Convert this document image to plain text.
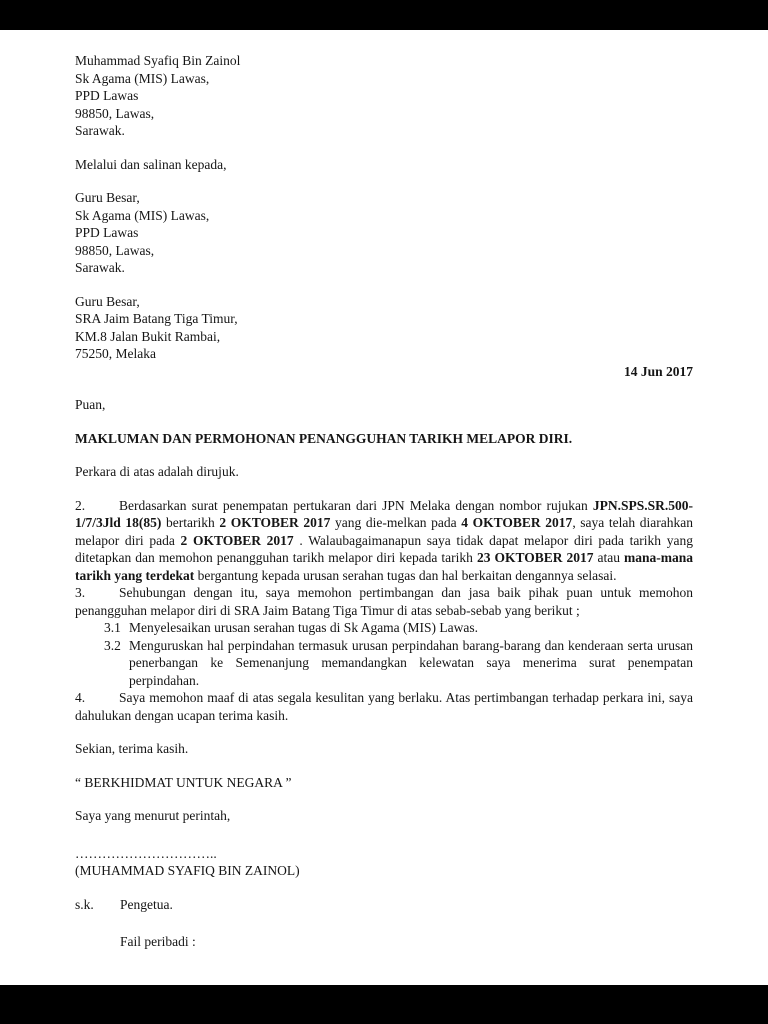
Muhammad Syafiq Bin Zainol
Sk Agama (MIS) Lawas,
PPD Lawas
98850, Lawas,
Sarawak.

Melalui dan salinan kepada,

Guru Besar,
Sk Agama (MIS) Lawas,
PPD Lawas
98850, Lawas,
Sarawak.
Guru Besar,
SRA Jaim Batang Tiga Timur,
KM.8 Jalan Bukit Rambai,
75250, Melaka

14 Jun 2017

Puan,

MAKLUMAN DAN PERMOHONAN PENANGGUHAN TARIKH MELAPOR DIRI.

Perkara di atas adalah dirujuk.

2.	Berdasarkan surat penempatan pertukaran dari JPN Melaka dengan nombor rujukan JPN.SPS.SR.500-1/7/3Jld 18(85) bertarikh 2 OKTOBER 2017 yang die-melkan pada 4 OKTOBER 2017, saya telah diarahkan melapor diri pada 2 OKTOBER 2017 . Walaubagaimanapun saya tidak dapat melapor diri pada tarikh yang ditetapkan dan memohon penangguhan tarikh melapor diri kepada tarikh 23 OKTOBER 2017 atau mana-mana tarikh yang terdekat bergantung kepada urusan serahan tugas dan hal berkaitan dengannya selasai.

3.	Sehubungan dengan itu, saya memohon pertimbangan dan jasa baik pihak puan untuk memohon penangguhan melapor diri di SRA Jaim Batang Tiga Timur di atas sebab-sebab yang berikut ;

3.1 Menyelesaikan urusan serahan tugas di Sk Agama (MIS) Lawas.
3.2 Menguruskan hal perpindahan termasuk urusan perpindahan barang-barang dan kenderaan serta urusan penerbangan ke Semenanjung memandangkan kelewatan saya menerima surat penempatan perpindahan.

4.	Saya memohon maaf di atas segala kesulitan yang berlaku. Atas pertimbangan terhadap perkara ini, saya dahulukan dengan ucapan terima kasih.

Sekian, terima kasih.

“ BERKHIDMAT UNTUK NEGARA ”

Saya yang menurut perintah,

…………………………..

(MUHAMMAD SYAFIQ BIN ZAINOL)

s.k.	Pengetua.

Fail peribadi :
